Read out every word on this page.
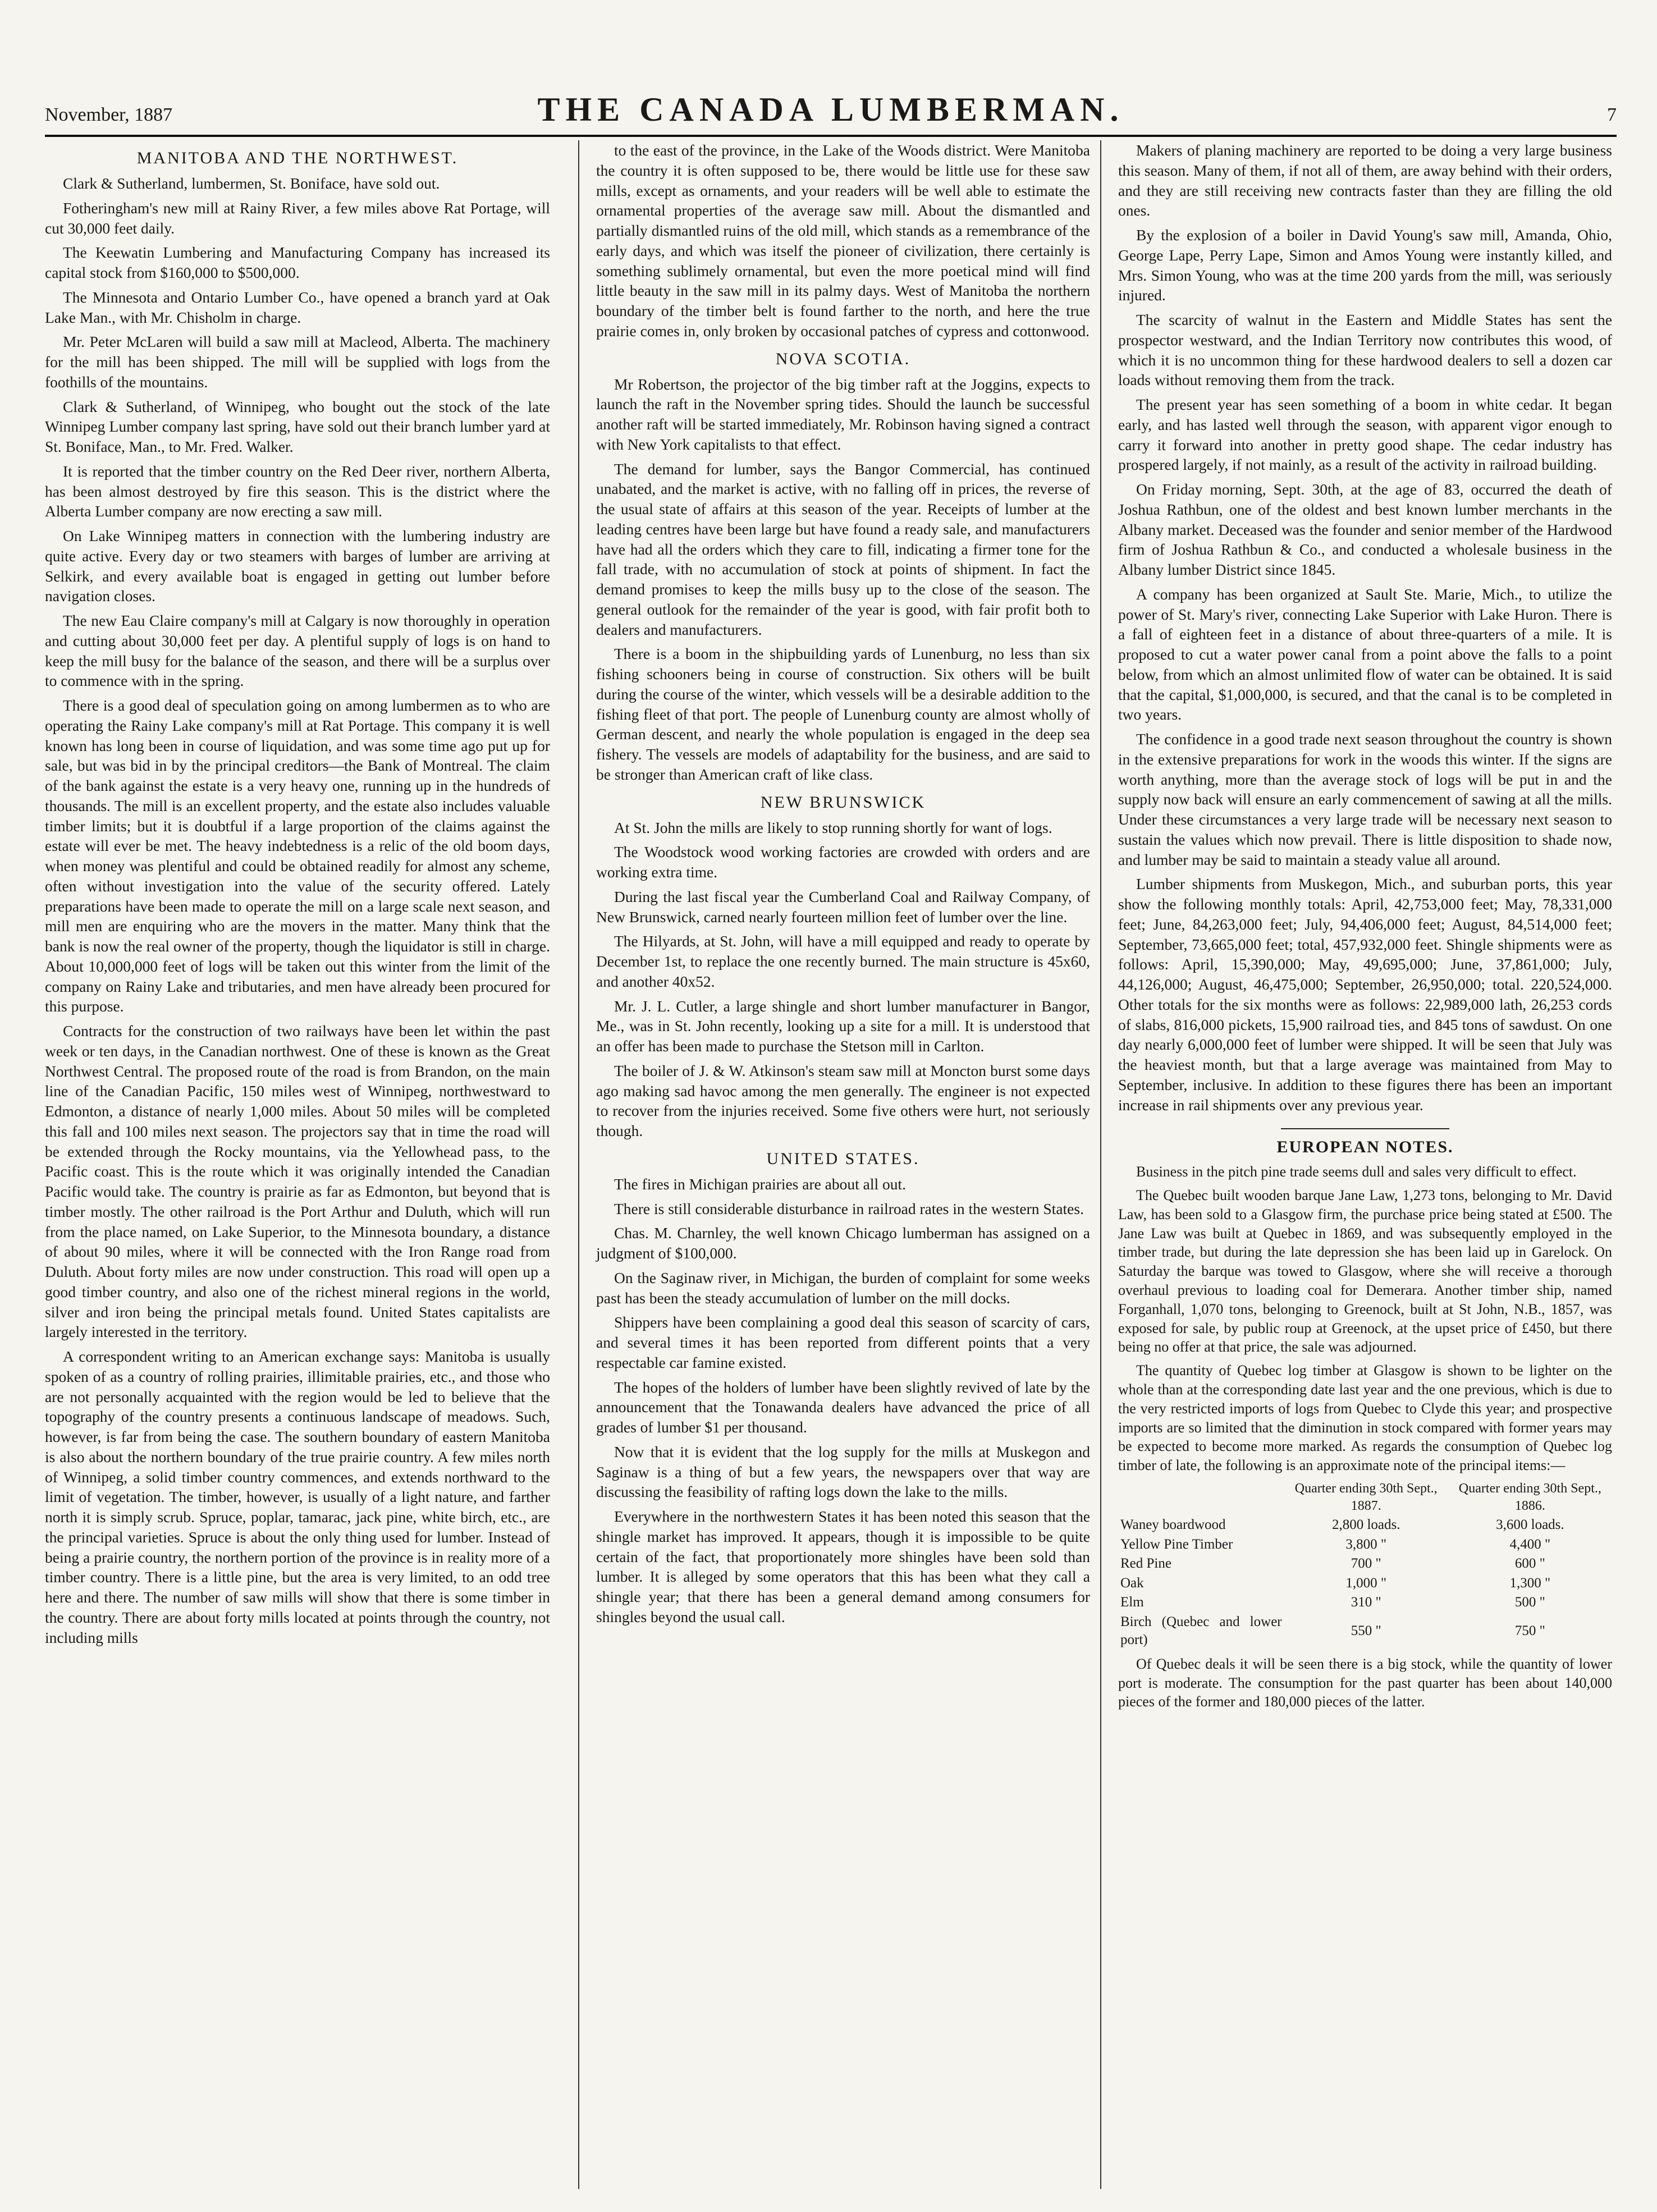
November, 1887	THE CANADA LUMBERMAN.	7
MANITOBA AND THE NORTHWEST.

Clark & Sutherland, lumbermen, St. Boniface, have sold out.

Fotheringham's new mill at Rainy River, a few miles above Rat Portage, will cut 30,000 feet daily.

The Keewatin Lumbering and Manufacturing Company has increased its capital stock from $160,000 to $500,000.

The Minnesota and Ontario Lumber Co., have opened a branch yard at Oak Lake Man., with Mr. Chisholm in charge.

Mr. Peter McLaren will build a saw mill at Macleod, Alberta. The machinery for the mill has been shipped. The mill will be supplied with logs from the foothills of the mountains.

Clark & Sutherland, of Winnipeg, who bought out the stock of the late Winnipeg Lumber company last spring, have sold out their branch lumber yard at St. Boniface, Man., to Mr. Fred. Walker.

It is reported that the timber country on the Red Deer river, northern Alberta, has been almost destroyed by fire this season. This is the district where the Alberta Lumber company are now erecting a saw mill.

On Lake Winnipeg matters in connection with the lumbering industry are quite active. Every day or two steamers with barges of lumber are arriving at Selkirk, and every available boat is engaged in getting out lumber before navigation closes.

The new Eau Claire company's mill at Calgary is now thoroughly in operation and cutting about 30,000 feet per day. A plentiful supply of logs is on hand to keep the mill busy for the balance of the season, and there will be a surplus over to commence with in the spring.

There is a good deal of speculation going on among lumbermen as to who are operating the Rainy Lake company's mill at Rat Portage. This company it is well known has long been in course of liquidation, and was some time ago put up for sale, but was bid in by the principal creditors—the Bank of Montreal. The claim of the bank against the estate is a very heavy one, running up in the hundreds of thousands. The mill is an excellent property, and the estate also includes valuable timber limits; but it is doubtful if a large proportion of the claims against the estate will ever be met. The heavy indebtedness is a relic of the old boom days, when money was plentiful and could be obtained readily for almost any scheme, often without investigation into the value of the security offered. Lately preparations have been made to operate the mill on a large scale next season, and mill men are enquiring who are the movers in the matter. Many think that the bank is now the real owner of the property, though the liquidator is still in charge. About 10,000,000 feet of logs will be taken out this winter from the limit of the company on Rainy Lake and tributaries, and men have already been procured for this purpose.

Contracts for the construction of two railways have been let within the past week or ten days, in the Canadian northwest. One of these is known as the Great Northwest Central. The proposed route of the road is from Brandon, on the main line of the Canadian Pacific, 150 miles west of Winnipeg, northwestward to Edmonton, a distance of nearly 1,000 miles. About 50 miles will be completed this fall and 100 miles next season. The projectors say that in time the road will be extended through the Rocky mountains, via the Yellowhead pass, to the Pacific coast. This is the route which it was originally intended the Canadian Pacific would take. The country is prairie as far as Edmonton, but beyond that is timber mostly. The other railroad is the Port Arthur and Duluth, which will run from the place named, on Lake Superior, to the Minnesota boundary, a distance of about 90 miles, where it will be connected with the Iron Range road from Duluth. About forty miles are now under construction. This road will open up a good timber country, and also one of the richest mineral regions in the world, silver and iron being the principal metals found. United States capitalists are largely interested in the territory.

A correspondent writing to an American exchange says: Manitoba is usually spoken of as a country of rolling prairies, illimitable prairies, etc., and those who are not personally acquainted with the region would be led to believe that the topography of the country presents a continuous landscape of meadows. Such, however, is far from being the case. The southern boundary of eastern Manitoba is also about the northern boundary of the true prairie country. A few miles north of Winnipeg, a solid timber country commences, and extends northward to the limit of vegetation. The timber, however, is usually of a light nature, and farther north it is simply scrub. Spruce, poplar, tamarac, jack pine, white birch, etc., are the principal varieties. Spruce is about the only thing used for lumber. Instead of being a prairie country, the northern portion of the province is in reality more of a timber country. There is a little pine, but the area is very limited, to an odd tree here and there. The number of saw mills will show that there is some timber in the country. There are about forty mills located at points through the country, not including mills

to the east of the province, in the Lake of the Woods district. Were Manitoba the country it is often supposed to be, there would be little use for these saw mills, except as ornaments, and your readers will be well able to estimate the ornamental properties of the average saw mill. About the dismantled and partially dismantled ruins of the old mill, which stands as a remembrance of the early days, and which was itself the pioneer of civilization, there certainly is something sublimely ornamental, but even the more poetical mind will find little beauty in the saw mill in its palmy days. West of Manitoba the northern boundary of the timber belt is found farther to the north, and here the true prairie comes in, only broken by occasional patches of cypress and cottonwood.

NOVA SCOTIA.

Mr Robertson, the projector of the big timber raft at the Joggins, expects to launch the raft in the November spring tides. Should the launch be successful another raft will be started immediately, Mr. Robinson having signed a contract with New York capitalists to that effect.

The demand for lumber, says the Bangor Commercial, has continued unabated, and the market is active, with no falling off in prices, the reverse of the usual state of affairs at this season of the year. Receipts of lumber at the leading centres have been large but have found a ready sale, and manufacturers have had all the orders which they care to fill, indicating a firmer tone for the fall trade, with no accumulation of stock at points of shipment. In fact the demand promises to keep the mills busy up to the close of the season. The general outlook for the remainder of the year is good, with fair profit both to dealers and manufacturers.

There is a boom in the shipbuilding yards of Lunenburg, no less than six fishing schooners being in course of construction. Six others will be built during the course of the winter, which vessels will be a desirable addition to the fishing fleet of that port. The people of Lunenburg county are almost wholly of German descent, and nearly the whole population is engaged in the deep sea fishery. The vessels are models of adaptability for the business, and are said to be stronger than American craft of like class.

NEW BRUNSWICK

At St. John the mills are likely to stop running shortly for want of logs.

The Woodstock wood working factories are crowded with orders and are working extra time.

During the last fiscal year the Cumberland Coal and Railway Company, of New Brunswick, carned nearly fourteen million feet of lumber over the line.

The Hilyards, at St. John, will have a mill equipped and ready to operate by December 1st, to replace the one recently burned. The main structure is 45x60, and another 40x52.

Mr. J. L. Cutler, a large shingle and short lumber manufacturer in Bangor, Me., was in St. John recently, looking up a site for a mill. It is understood that an offer has been made to purchase the Stetson mill in Carlton.

The boiler of J. & W. Atkinson's steam saw mill at Moncton burst some days ago making sad havoc among the men generally. The engineer is not expected to recover from the injuries received. Some five others were hurt, not seriously though.

UNITED STATES.

The fires in Michigan prairies are about all out.

There is still considerable disturbance in railroad rates in the western States.

Chas. M. Charnley, the well known Chicago lumberman has assigned on a judgment of $100,000.

On the Saginaw river, in Michigan, the burden of complaint for some weeks past has been the steady accumulation of lumber on the mill docks.

Shippers have been complaining a good deal this season of scarcity of cars, and several times it has been reported from different points that a very respectable car famine existed.

The hopes of the holders of lumber have been slightly revived of late by the announcement that the Tonawanda dealers have advanced the price of all grades of lumber $1 per thousand.

Now that it is evident that the log supply for the mills at Muskegon and Saginaw is a thing of but a few years, the newspapers over that way are discussing the feasibility of rafting logs down the lake to the mills.

Everywhere in the northwestern States it has been noted this season that the shingle market has improved. It appears, though it is impossible to be quite certain of the fact, that proportionately more shingles have been sold than lumber. It is alleged by some operators that this has been what they call a shingle year; that there has been a general demand among consumers for shingles beyond the usual call.

Makers of planing machinery are reported to be doing a very large business this season. Many of them, if not all of them, are away behind with their orders, and they are still receiving new contracts faster than they are filling the old ones.

By the explosion of a boiler in David Young's saw mill, Amanda, Ohio, George Lape, Perry Lape, Simon and Amos Young were instantly killed, and Mrs. Simon Young, who was at the time 200 yards from the mill, was seriously injured.

The scarcity of walnut in the Eastern and Middle States has sent the prospector westward, and the Indian Territory now contributes this wood, of which it is no uncommon thing for these hardwood dealers to sell a dozen car loads without removing them from the track.

The present year has seen something of a boom in white cedar. It began early, and has lasted well through the season, with apparent vigor enough to carry it forward into another in pretty good shape. The cedar industry has prospered largely, if not mainly, as a result of the activity in railroad building.

On Friday morning, Sept. 30th, at the age of 83, occurred the death of Joshua Rathbun, one of the oldest and best known lumber merchants in the Albany market. Deceased was the founder and senior member of the Hardwood firm of Joshua Rathbun & Co., and conducted a wholesale business in the Albany lumber District since 1845.

A company has been organized at Sault Ste. Marie, Mich., to utilize the power of St. Mary's river, connecting Lake Superior with Lake Huron. There is a fall of eighteen feet in a distance of about three-quarters of a mile. It is proposed to cut a water power canal from a point above the falls to a point below, from which an almost unlimited flow of water can be obtained. It is said that the capital, $1,000,000, is secured, and that the canal is to be completed in two years.

The confidence in a good trade next season throughout the country is shown in the extensive preparations for work in the woods this winter. If the signs are worth anything, more than the average stock of logs will be put in and the supply now back will ensure an early commencement of sawing at all the mills. Under these circumstances a very large trade will be necessary next season to sustain the values which now prevail. There is little disposition to shade now, and lumber may be said to maintain a steady value all around.

Lumber shipments from Muskegon, Mich., and suburban ports, this year show the following monthly totals: April, 42,753,000 feet; May, 78,331,000 feet; June, 84,263,000 feet; July, 94,406,000 feet; August, 84,514,000 feet; September, 73,665,000 feet; total, 457,932,000 feet. Shingle shipments were as follows: April, 15,390,000; May, 49,695,000; June, 37,861,000; July, 44,126,000; August, 46,475,000; September, 26,950,000; total. 220,524,000. Other totals for the six months were as follows: 22,989,000 lath, 26,253 cords of slabs, 816,000 pickets, 15,900 railroad ties, and 845 tons of sawdust. On one day nearly 6,000,000 feet of lumber were shipped. It will be seen that July was the heaviest month, but that a large average was maintained from May to September, inclusive. In addition to these figures there has been an important increase in rail shipments over any previous year.

EUROPEAN NOTES.

Business in the pitch pine trade seems dull and sales very difficult to effect.

The Quebec built wooden barque Jane Law, 1,273 tons, belonging to Mr. David Law, has been sold to a Glasgow firm, the purchase price being stated at £500. The Jane Law was built at Quebec in 1869, and was subsequently employed in the timber trade, but during the late depression she has been laid up in Garelock. On Saturday the barque was towed to Glasgow, where she will receive a thorough overhaul previous to loading coal for Demerara. Another timber ship, named Forganhall, 1,070 tons, belonging to Greenock, built at St John, N.B., 1857, was exposed for sale, by public roup at Greenock, at the upset price of £450, but there being no offer at that price, the sale was adjourned.

The quantity of Quebec log timber at Glasgow is shown to be lighter on the whole than at the corresponding date last year and the one previous, which is due to the very restricted imports of logs from Quebec to Clyde this year; and prospective imports are so limited that the diminution in stock compared with former years may be expected to become more marked. As regards the consumption of Quebec log timber of late, the following is an approximate note of the principal items:—

	Quarter ending 30th Sept., 1887.	Quarter ending 30th Sept., 1886.
Waney boardwood	2,800 loads.	3,600 loads.
Yellow Pine Timber	3,800 "	4,400 "
Red Pine	700 "	600 "
Oak	1,000 "	1,300 "
Elm	310 "	500 "
Birch (Quebec and lower port)	550 "	750 "

Of Quebec deals it will be seen there is a big stock, while the quantity of lower port is moderate. The consumption for the past quarter has been about 140,000 pieces of the former and 180,000 pieces of the latter.
